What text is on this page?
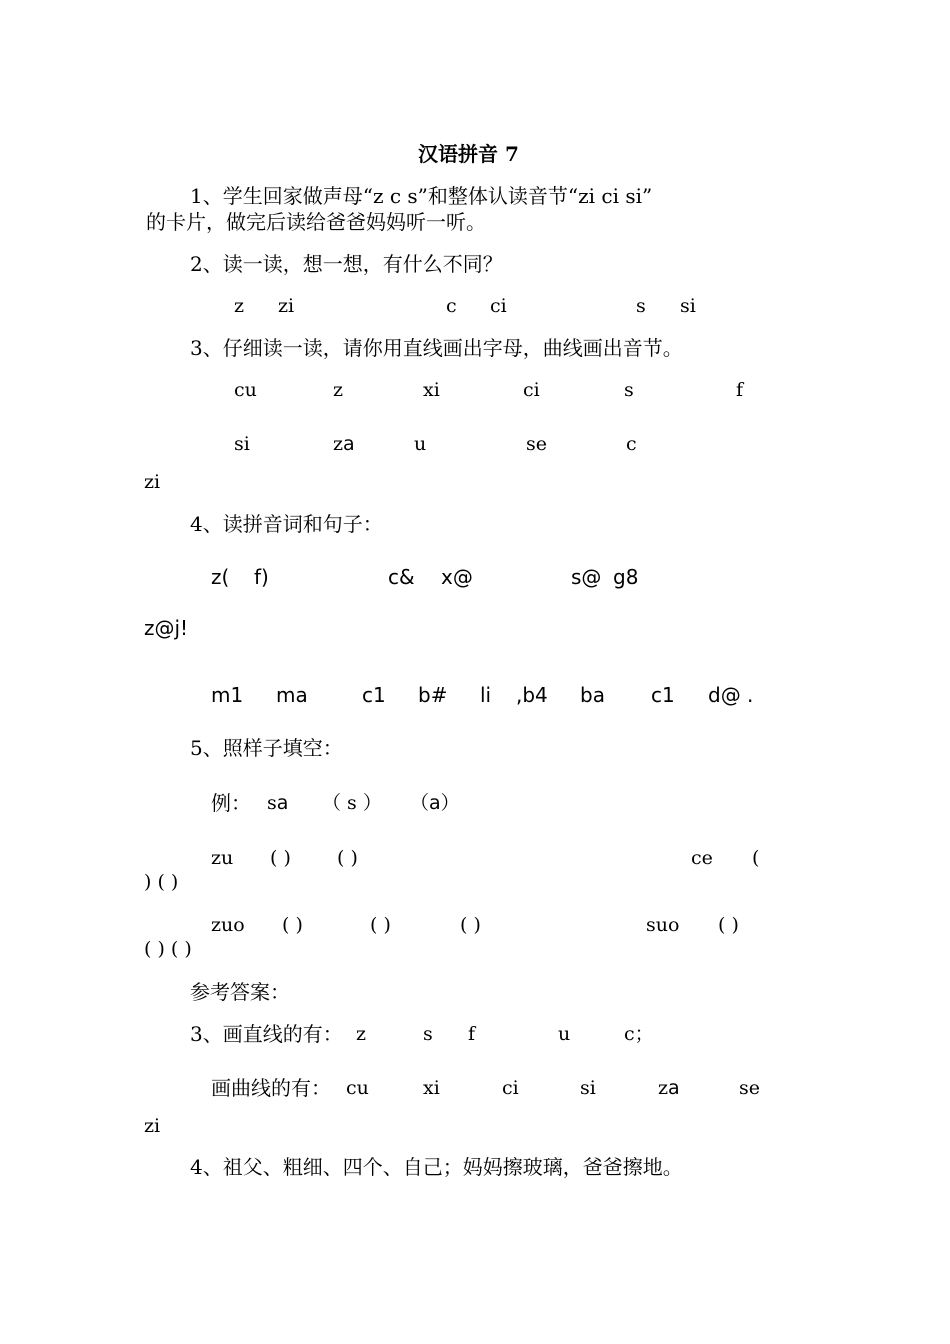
汉语拼音 7
1、学生回家做声母“z c s”和整体认读音节“zi ci si”
的卡片，做完后读给爸爸妈妈听一听。
2、读一读，想一想，有什么不同？
z zi	c ci	s si
3、仔细读一读，请你用直线画出字母，曲线画出音节。
cu	z	xi	ci	s	f
si	za	u	se	c
zi
4、读拼音词和句子：
z( f)	c& x@	s@ g8
z@j!
m1 ma	c1 b# li ,b4 ba c1 d@ .
5、照样子填空：
例： sa （ s ） （a）
zu ( ) ( )	ce (
) ( )
zuo ( )	( )	( )	suo ( )
( ) ( )
参考答案：
3、画直线的有： z	s f	u	c；
画曲线的有： cu	xi	ci	si	za	se
zi
4、祖父、粗细、四个、自己；妈妈擦玻璃，爸爸擦地。
